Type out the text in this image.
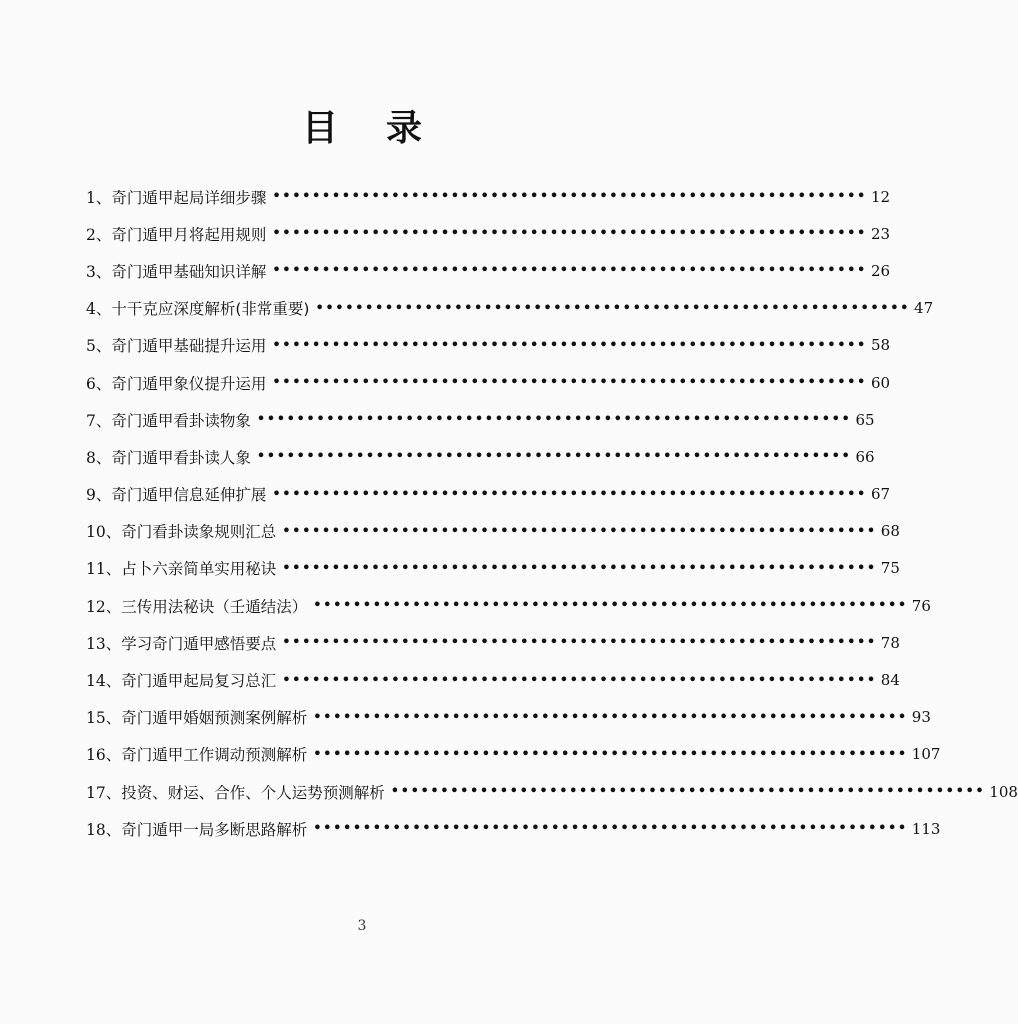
目录
1、 奇门遁甲起局详细步骤 •••••••••••••••••••••••••••••••••••••••••••••••••••••••••••• 12
2、 奇门遁甲月将起用规则 •••••••••••••••••••••••••••••••••••••••••••••••••••••••••••• 23
3、 奇门遁甲基础知识详解 •••••••••••••••••••••••••••••••••••••••••••••••••••••••••••• 26
4、 十干克应深度解析(非常重要) •••••••••••••••••••••••••••••••••••••••••••••••••••••••••••• 47
5、 奇门遁甲基础提升运用 •••••••••••••••••••••••••••••••••••••••••••••••••••••••••••• 58
6、 奇门遁甲象仪提升运用 •••••••••••••••••••••••••••••••••••••••••••••••••••••••••••• 60
7、 奇门遁甲看卦读物象 •••••••••••••••••••••••••••••••••••••••••••••••••••••••••••• 65
8、 奇门遁甲看卦读人象 •••••••••••••••••••••••••••••••••••••••••••••••••••••••••••• 66
9、 奇门遁甲信息延伸扩展 •••••••••••••••••••••••••••••••••••••••••••••••••••••••••••• 67
10、 奇门看卦读象规则汇总 •••••••••••••••••••••••••••••••••••••••••••••••••••••••••••• 68
11、 占卜六亲简单实用秘诀 •••••••••••••••••••••••••••••••••••••••••••••••••••••••••••• 75
12、 三传用法秘诀（壬遁结法） •••••••••••••••••••••••••••••••••••••••••••••••••••••••••••• 76
13、 学习奇门遁甲感悟要点 •••••••••••••••••••••••••••••••••••••••••••••••••••••••••••• 78
14、 奇门遁甲起局复习总汇 •••••••••••••••••••••••••••••••••••••••••••••••••••••••••••• 84
15、 奇门遁甲婚姻预测案例解析 •••••••••••••••••••••••••••••••••••••••••••••••••••••••••••• 93
16、 奇门遁甲工作调动预测解析 •••••••••••••••••••••••••••••••••••••••••••••••••••••••••••• 107
17、 投资、财运、合作、个人运势预测解析 •••••••••••••••••••••••••••••••••••••••••••••••••••••••••••• 108
18、 奇门遁甲一局多断思路解析 •••••••••••••••••••••••••••••••••••••••••••••••••••••••••••• 113
3
